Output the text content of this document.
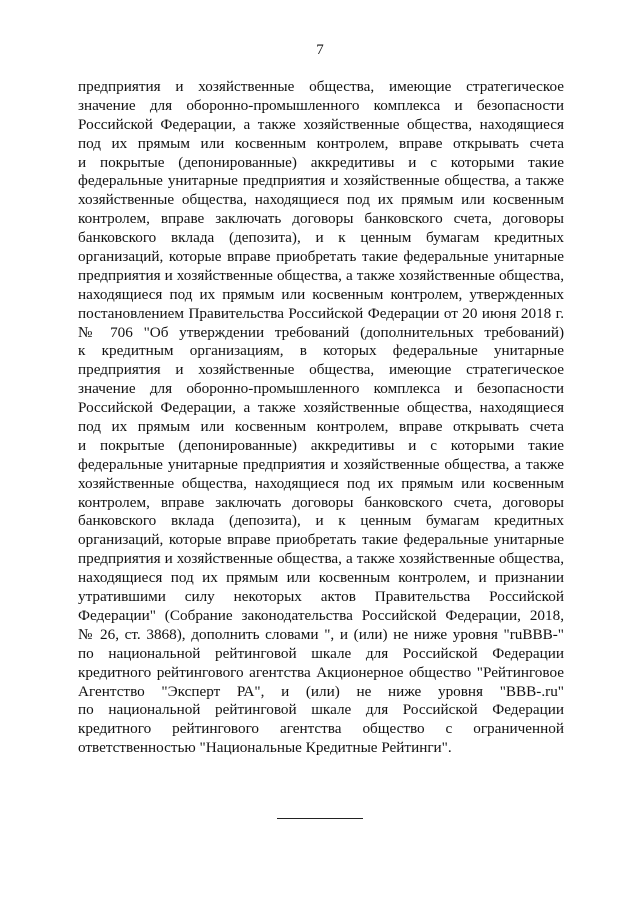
7
предприятия и хозяйственные общества, имеющие стратегическое
значение для оборонно-промышленного комплекса и безопасности
Российской Федерации, а также хозяйственные общества, находящиеся
под их прямым или косвенным контролем, вправе открывать счета
и покрытые (депонированные) аккредитивы и с которыми такие
федеральные унитарные предприятия и хозяйственные общества, а также
хозяйственные общества, находящиеся под их прямым или косвенным
контролем, вправе заключать договоры банковского счета, договоры
банковского вклада (депозита), и к ценным бумагам кредитных
организаций, которые вправе приобретать такие федеральные унитарные
предприятия и хозяйственные общества, а также хозяйственные общества,
находящиеся под их прямым или косвенным контролем, утвержденных
постановлением Правительства Российской Федерации от 20 июня 2018 г.
№ 706 "Об утверждении требований (дополнительных требований)
к кредитным организациям, в которых федеральные унитарные
предприятия и хозяйственные общества, имеющие стратегическое
значение для оборонно-промышленного комплекса и безопасности
Российской Федерации, а также хозяйственные общества, находящиеся
под их прямым или косвенным контролем, вправе открывать счета
и покрытые (депонированные) аккредитивы и с которыми такие
федеральные унитарные предприятия и хозяйственные общества, а также
хозяйственные общества, находящиеся под их прямым или косвенным
контролем, вправе заключать договоры банковского счета, договоры
банковского вклада (депозита), и к ценным бумагам кредитных
организаций, которые вправе приобретать такие федеральные унитарные
предприятия и хозяйственные общества, а также хозяйственные общества,
находящиеся под их прямым или косвенным контролем, и признании
утратившими силу некоторых актов Правительства Российской
Федерации" (Собрание законодательства Российской Федерации, 2018,
№ 26, ст. 3868), дополнить словами ", и (или) не ниже уровня "ruBBB-"
по национальной рейтинговой шкале для Российской Федерации
кредитного рейтингового агентства Акционерное общество "Рейтинговое
Агентство "Эксперт РА", и (или) не ниже уровня "BBB-.ru"
по национальной рейтинговой шкале для Российской Федерации
кредитного рейтингового агентства общество с ограниченной
ответственностью "Национальные Кредитные Рейтинги".
